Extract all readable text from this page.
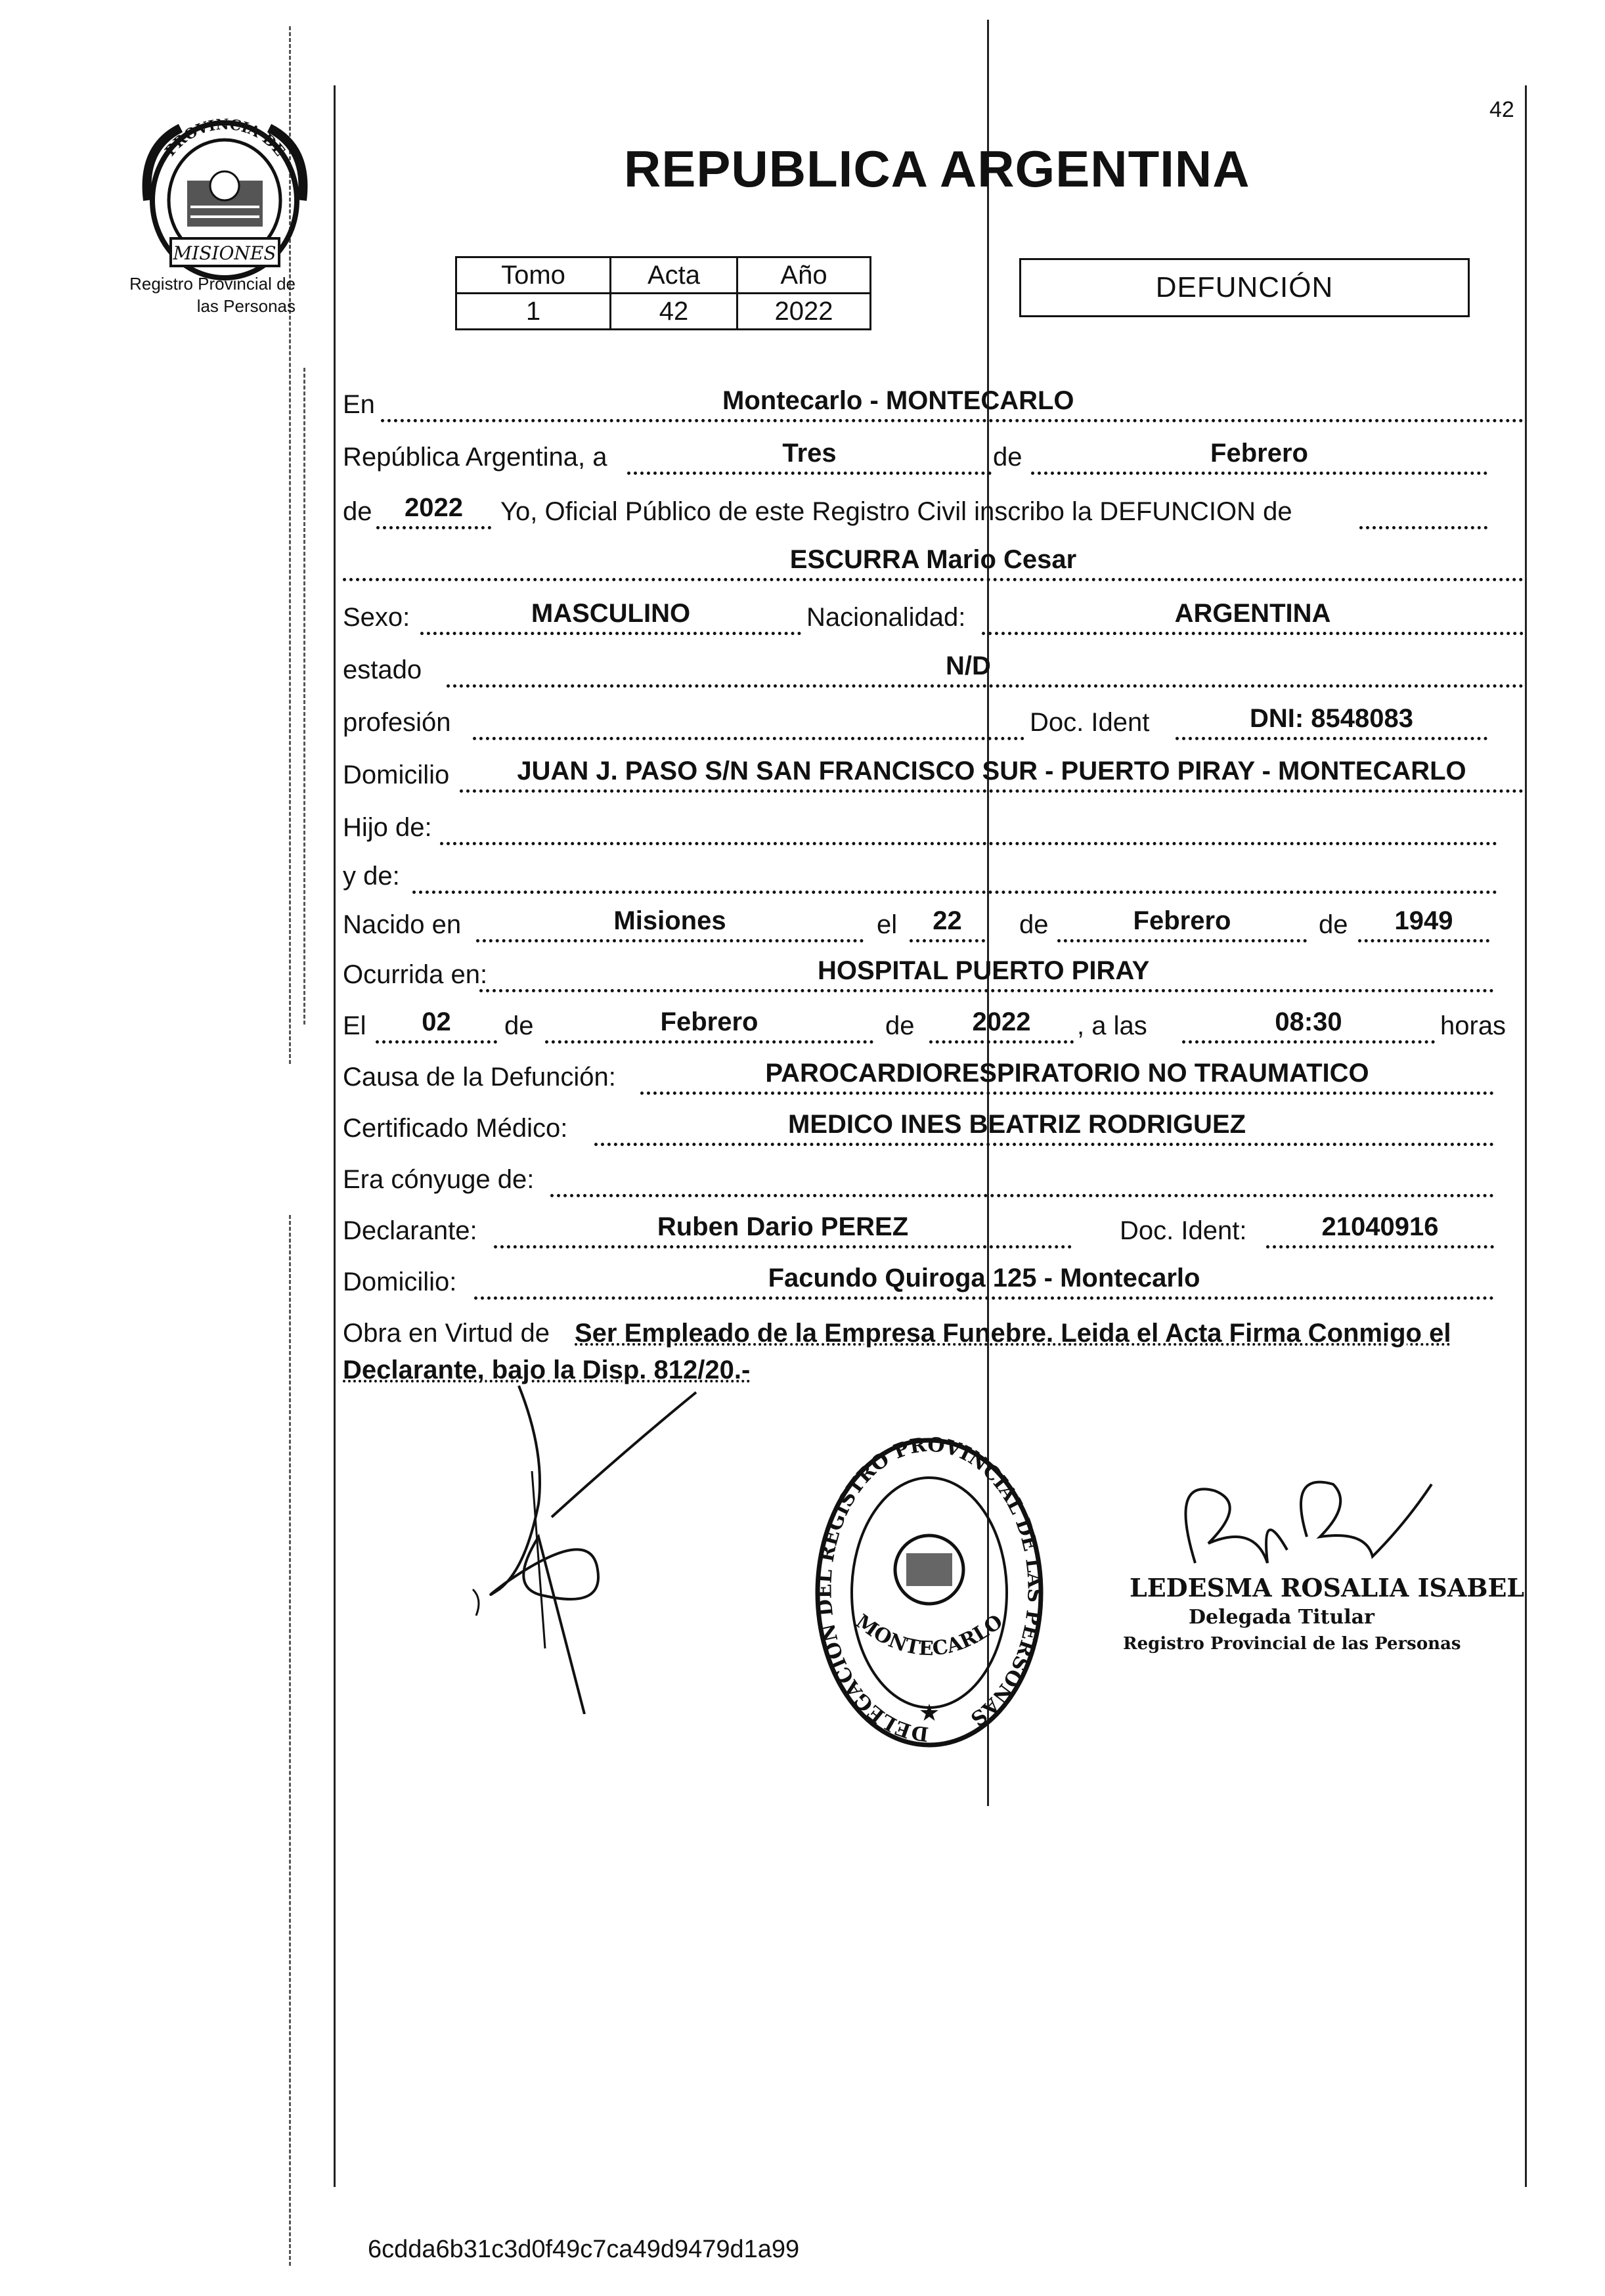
42
PROVINCIA DE
MISIONES
Registro Provincial de
las Personas
REPUBLICA ARGENTINA
Tomo	Acta	Año
1	42	2022
DEFUNCIÓN
En	Montecarlo - MONTECARLO
República Argentina, a	Tres	de	Febrero
de	2022	Yo, Oficial Público de este Registro Civil inscribo la DEFUNCION de
ESCURRA Mario Cesar
Sexo:	MASCULINO	Nacionalidad:	ARGENTINA
estado	N/D
profesión	Doc. Ident	DNI: 8548083
Domicilio	JUAN J. PASO S/N SAN FRANCISCO SUR - PUERTO PIRAY - MONTECARLO
Hijo de:
y de:
Nacido en	Misiones	el	22	de	Febrero	de	1949
Ocurrida en:	HOSPITAL PUERTO PIRAY
El	02	de	Febrero	de	2022	, a las	08:30	horas
Causa de la Defunción:	PAROCARDIORESPIRATORIO NO TRAUMATICO
Certificado Médico:	MEDICO INES BEATRIZ RODRIGUEZ
Era cónyuge de:
Declarante:	Ruben Dario PEREZ	Doc. Ident:	21040916
Domicilio:	Facundo Quiroga 125 - Montecarlo
Obra en Virtud de Ser Empleado de la Empresa Funebre. Leida el Acta Firma Conmigo el
Declarante, bajo la Disp. 812/20.-
DELEGACION DEL REGISTRO PROVINCIAL DE LAS PERSONAS
MONTECARLO
★
LEDESMA ROSALIA ISABEL
Delegada Titular
Registro Provincial de las Personas
6cdda6b31c3d0f49c7ca49d9479d1a99
